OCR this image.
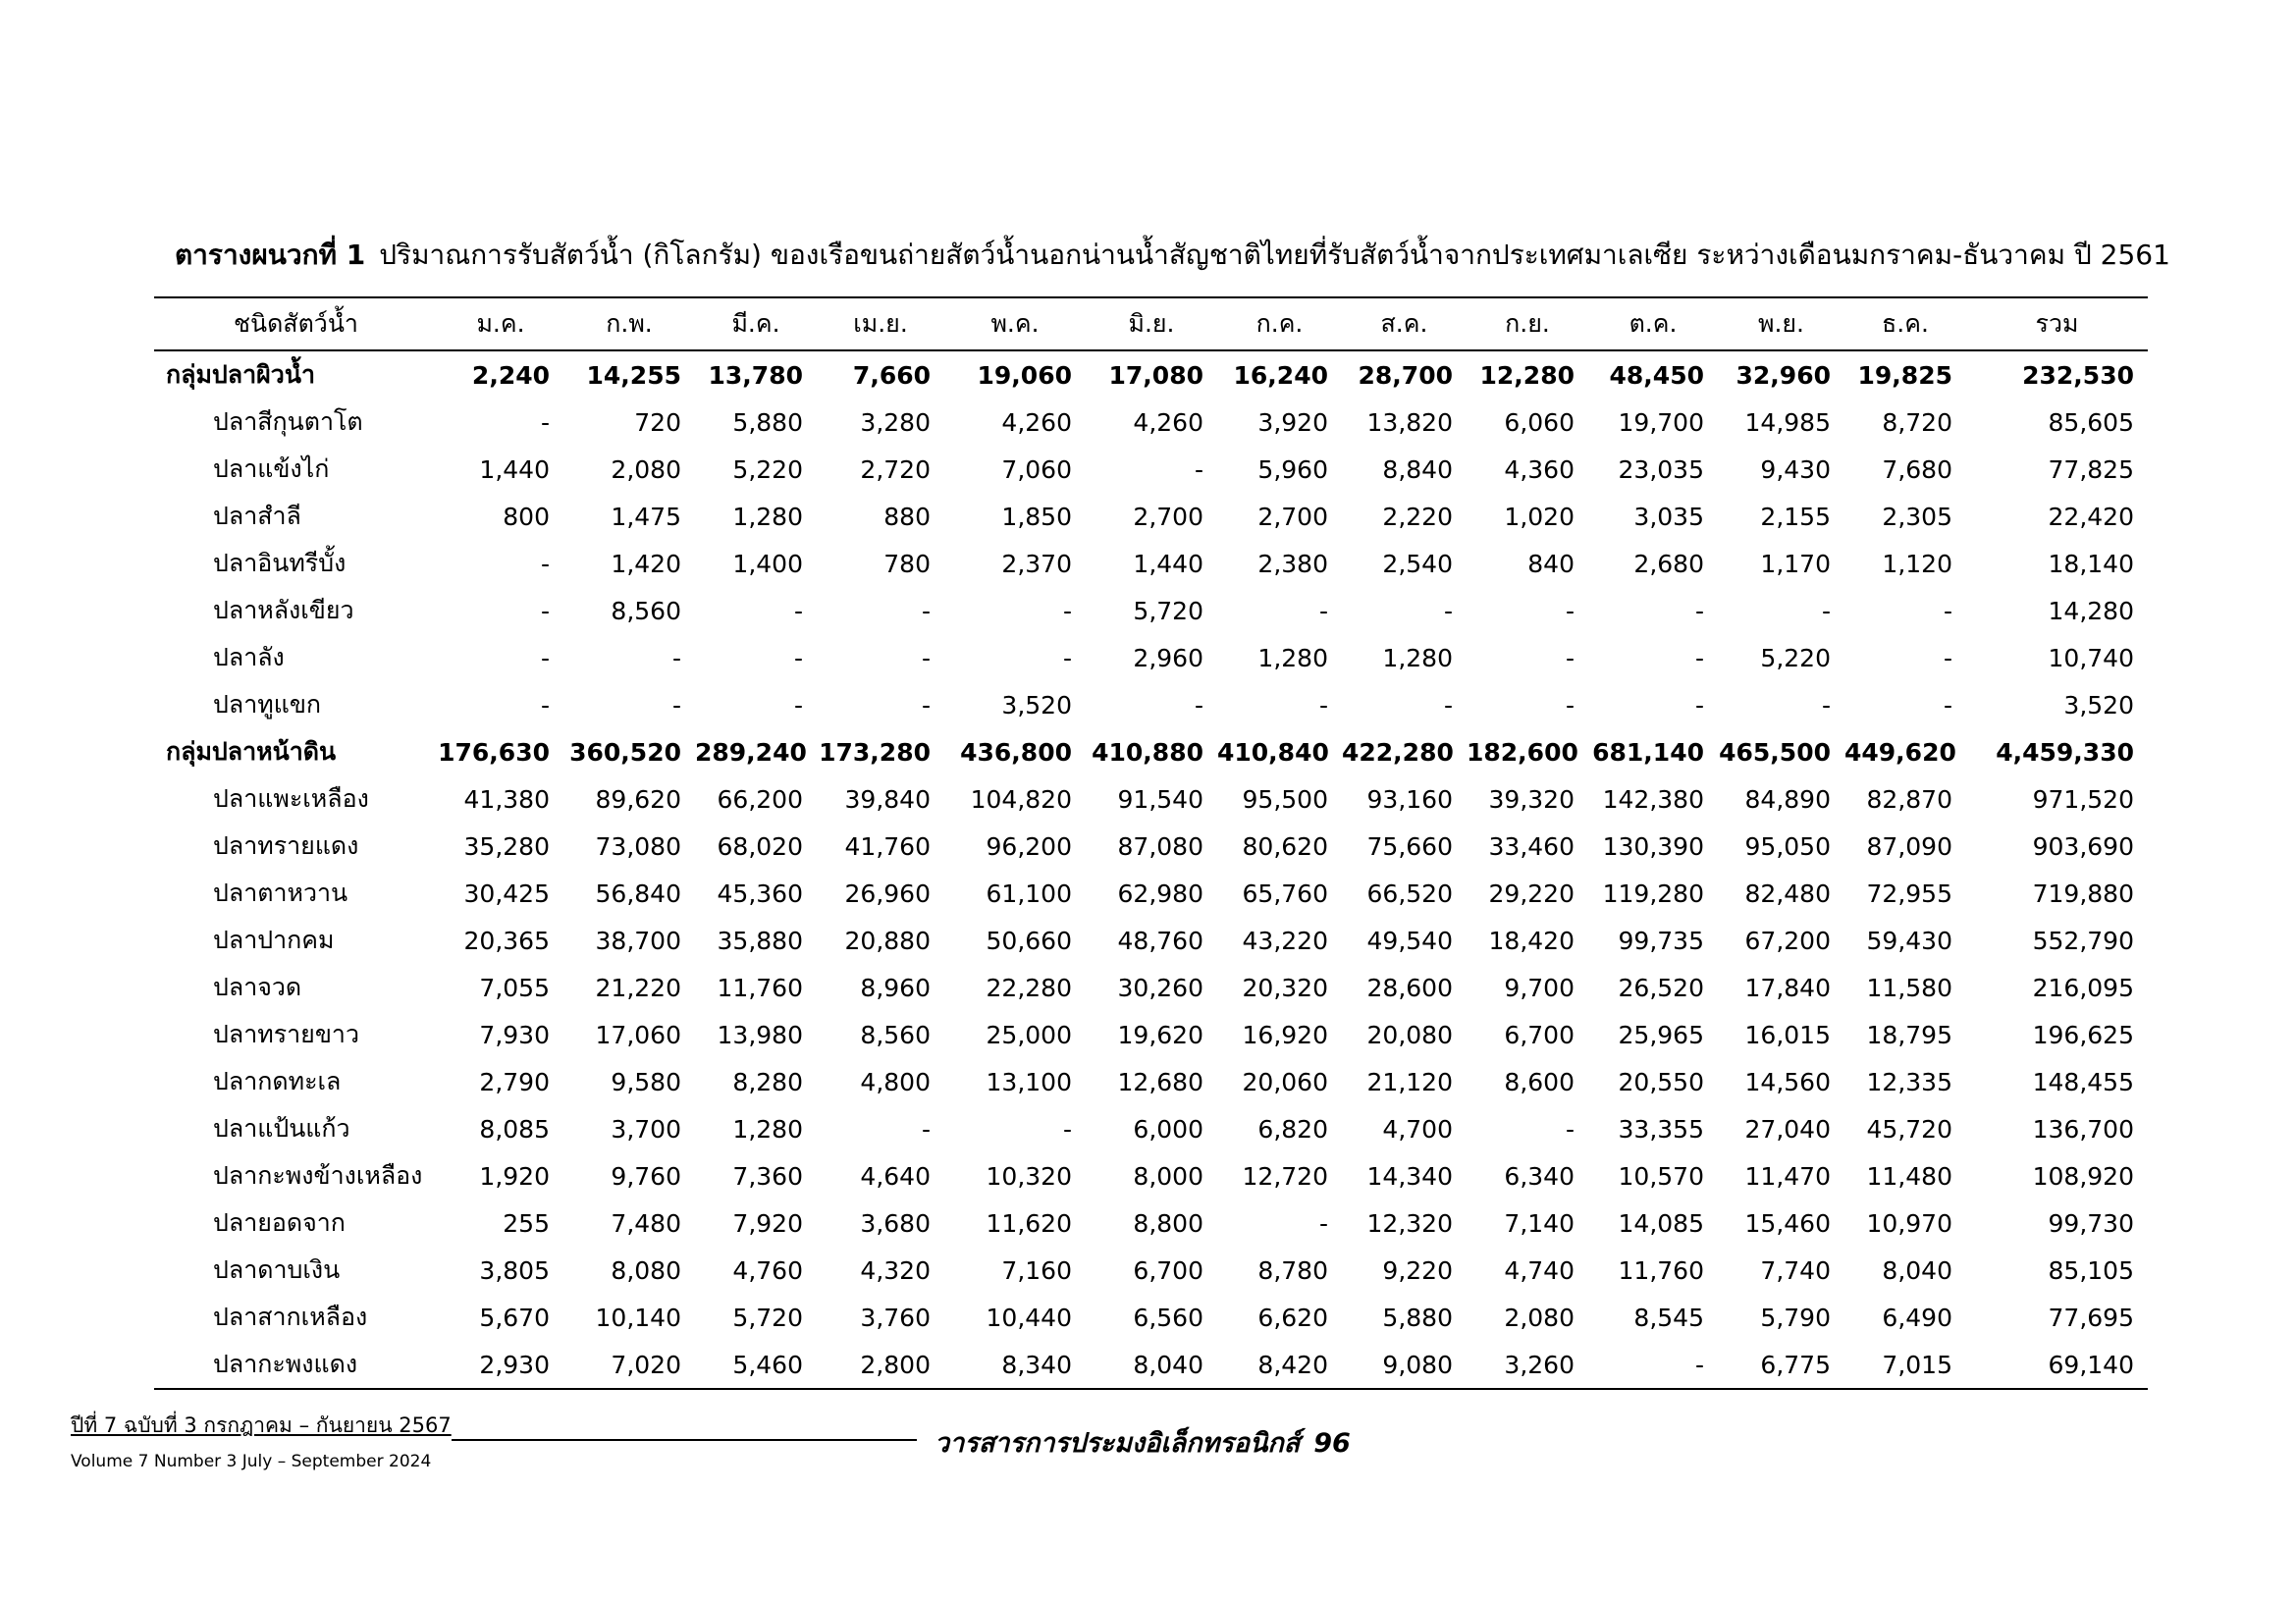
ตารางผนวกที่ 1 ปริมาณการรับสัตว์น้ำ (กิโลกรัม) ของเรือขนถ่ายสัตว์น้ำนอกน่านน้ำสัญชาติไทยที่รับสัตว์น้ำจากประเทศมาเลเซีย ระหว่างเดือนมกราคม-ธันวาคม ปี 2561
ชนิดสัตว์น้ำ	ม.ค.	ก.พ.	มี.ค.	เม.ย.	พ.ค.	มิ.ย.	ก.ค.	ส.ค.	ก.ย.	ต.ค.	พ.ย.	ธ.ค.	รวม
กลุ่มปลาผิวน้ำ	2,240	14,255	13,780	7,660	19,060	17,080	16,240	28,700	12,280	48,450	32,960	19,825	232,530
ปลาสีกุนตาโต	-	720	5,880	3,280	4,260	4,260	3,920	13,820	6,060	19,700	14,985	8,720	85,605
ปลาแข้งไก่	1,440	2,080	5,220	2,720	7,060	-	5,960	8,840	4,360	23,035	9,430	7,680	77,825
ปลาสำลี	800	1,475	1,280	880	1,850	2,700	2,700	2,220	1,020	3,035	2,155	2,305	22,420
ปลาอินทรีบั้ง	-	1,420	1,400	780	2,370	1,440	2,380	2,540	840	2,680	1,170	1,120	18,140
ปลาหลังเขียว	-	8,560	-	-	-	5,720	-	-	-	-	-	-	14,280
ปลาลัง	-	-	-	-	-	2,960	1,280	1,280	-	-	5,220	-	10,740
ปลาทูแขก	-	-	-	-	3,520	-	-	-	-	-	-	-	3,520
กลุ่มปลาหน้าดิน	176,630	360,520	289,240	173,280	436,800	410,880	410,840	422,280	182,600	681,140	465,500	449,620	4,459,330
ปลาแพะเหลือง	41,380	89,620	66,200	39,840	104,820	91,540	95,500	93,160	39,320	142,380	84,890	82,870	971,520
ปลาทรายแดง	35,280	73,080	68,020	41,760	96,200	87,080	80,620	75,660	33,460	130,390	95,050	87,090	903,690
ปลาตาหวาน	30,425	56,840	45,360	26,960	61,100	62,980	65,760	66,520	29,220	119,280	82,480	72,955	719,880
ปลาปากคม	20,365	38,700	35,880	20,880	50,660	48,760	43,220	49,540	18,420	99,735	67,200	59,430	552,790
ปลาจวด	7,055	21,220	11,760	8,960	22,280	30,260	20,320	28,600	9,700	26,520	17,840	11,580	216,095
ปลาทรายขาว	7,930	17,060	13,980	8,560	25,000	19,620	16,920	20,080	6,700	25,965	16,015	18,795	196,625
ปลากดทะเล	2,790	9,580	8,280	4,800	13,100	12,680	20,060	21,120	8,600	20,550	14,560	12,335	148,455
ปลาแป้นแก้ว	8,085	3,700	1,280	-	-	6,000	6,820	4,700	-	33,355	27,040	45,720	136,700
ปลากะพงข้างเหลือง	1,920	9,760	7,360	4,640	10,320	8,000	12,720	14,340	6,340	10,570	11,470	11,480	108,920
ปลายอดจาก	255	7,480	7,920	3,680	11,620	8,800	-	12,320	7,140	14,085	15,460	10,970	99,730
ปลาดาบเงิน	3,805	8,080	4,760	4,320	7,160	6,700	8,780	9,220	4,740	11,760	7,740	8,040	85,105
ปลาสากเหลือง	5,670	10,140	5,720	3,760	10,440	6,560	6,620	5,880	2,080	8,545	5,790	6,490	77,695
ปลากะพงแดง	2,930	7,020	5,460	2,800	8,340	8,040	8,420	9,080	3,260	-	6,775	7,015	69,140
ปีที่ 7 ฉบับที่ 3 กรกฎาคม – กันยายน 2567
Volume 7 Number 3 July – September 2024
วารสารการประมงอิเล็กทรอนิกส์ 96
